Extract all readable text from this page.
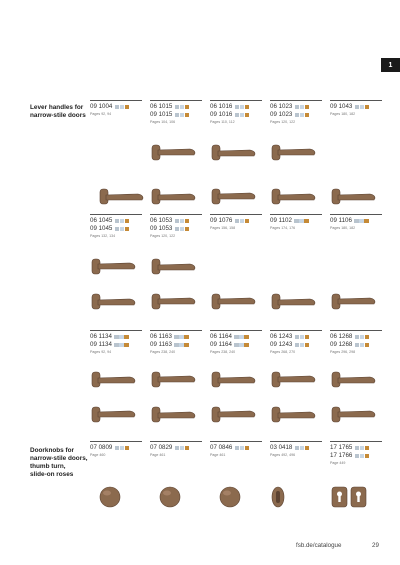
1
Lever handles for
narrow-stile doors
Doorknobs for
narrow-stile doors,
thumb turn,
slide-on roses
09 1004
Pages 92, 94
06 1015
09 1015
Pages 104, 106
06 1016
09 1016
Pages 110, 112
06 1023
09 1023
Pages 120, 122
09 1043
Pages 180, 182
06 1045
09 1045
Pages 132, 134
06 1053
09 1053
Pages 120, 122
09 1076
Pages 156, 158
09 1102
Pages 174, 176
09 1106
Pages 180, 182
06 1134
09 1134
Pages 92, 94
06 1163
09 1163
Pages 238, 240
06 1164
09 1164
Pages 238, 240
06 1243
09 1243
Pages 268, 270
06 1268
09 1268
Pages 296, 298
07 0809
Page 460
07 0829
Page 461
07 0846
Page 461
03 0418
Pages 492, 496
17 1765
17 1766
Page 449
fsb.de/catalogue	29
